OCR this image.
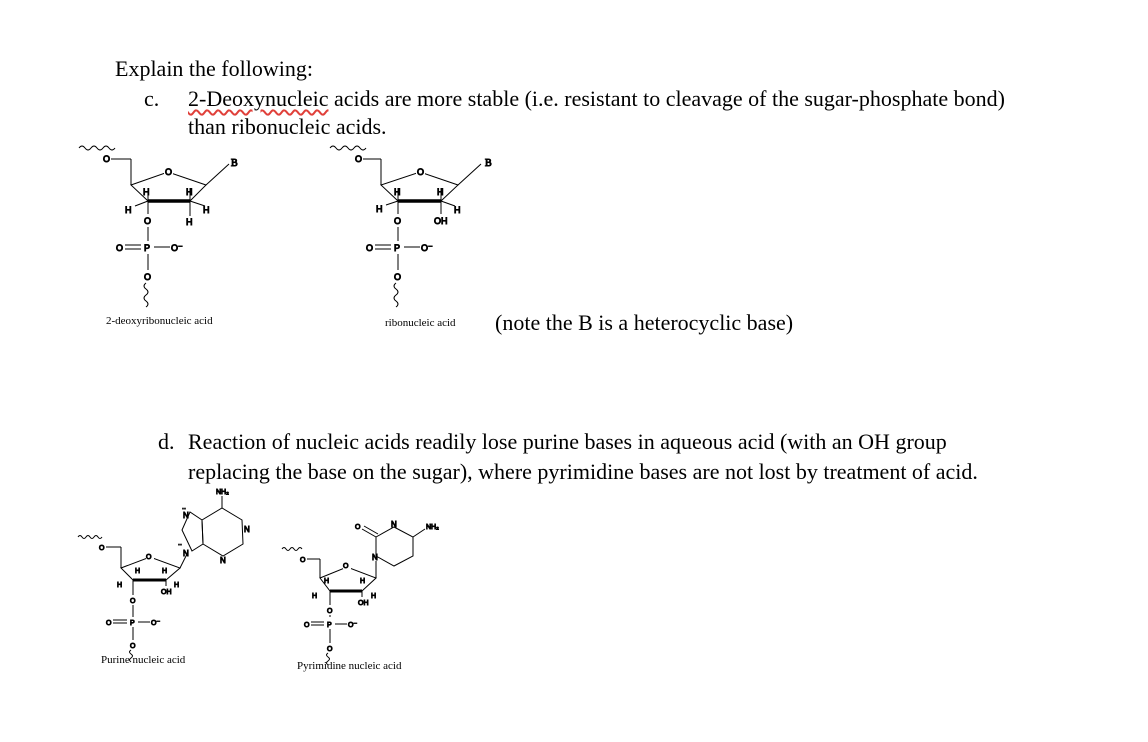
Explain the following:
c. 2-Deoxynucleic acids are more stable (i.e. resistant to cleavage of the sugar-phosphate bond)
than ribonucleic acids.
2-deoxyribonucleic acid	ribonucleic acid (note the B is a heterocyclic base)
d. Reaction of nucleic acids readily lose purine bases in aqueous acid (with an OH group
replacing the base on the sugar), where pyrimidine bases are not lost by treatment of acid.
Purine nucleic acid	Pyrimidine nucleic acid
O
O
B
H
H
H
H
H
O
P
O	O⁻
O
O
O
B
H
H
H
H
OH
O
P
O	O⁻
O
O
O
H
H
H
H
OH
O
P
O	O⁻
O
N
..
N
..
NH₂
N
N	O
O
H
H
H
H
OH
O
P
O	O⁻
O
N
O	N	NH₂
